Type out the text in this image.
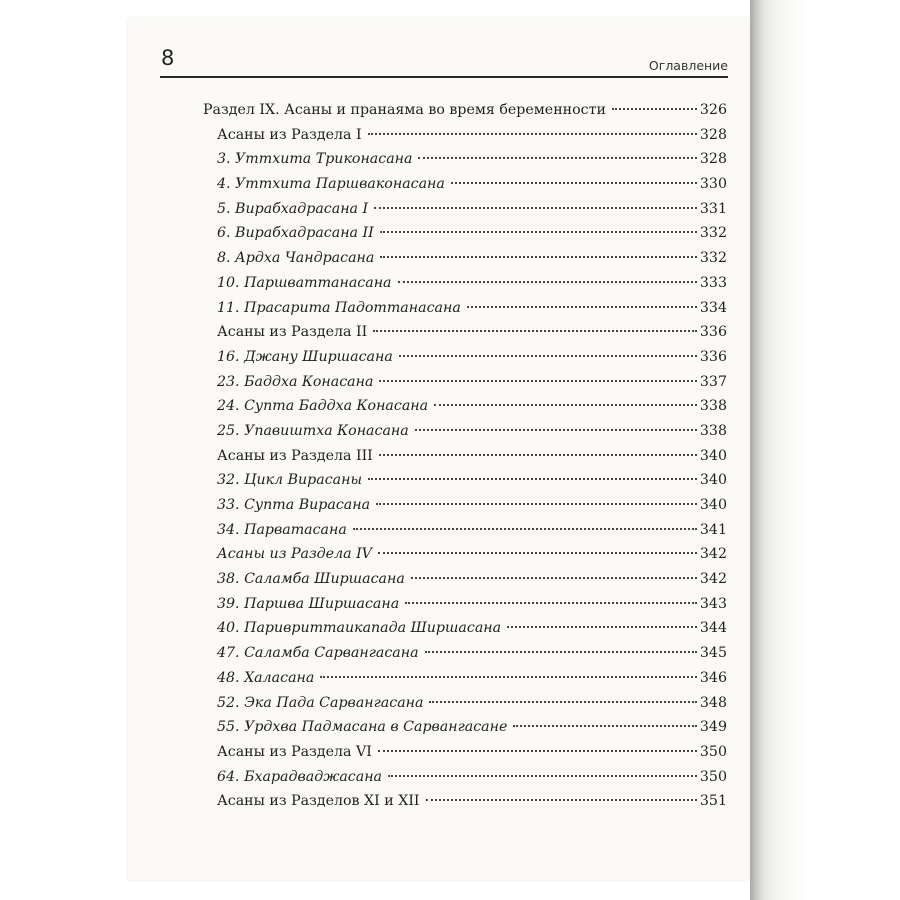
8	Оглавление
Раздел IX. Асаны и пранаяма во время беременности	326
Асаны из Раздела I	328
3. Уттхита Триконасана	328
4. Уттхита Паршваконасана	330
5. Вирабхадрасана I	331
6. Вирабхадрасана II	332
8. Ардха Чандрасана	332
10. Паршваттанасана	333
11. Прасарита Падоттанасана	334
Асаны из Раздела II	336
16. Джану Ширшасана	336
23. Баддха Конасана	337
24. Супта Баддха Конасана	338
25. Упавиштха Конасана	338
Асаны из Раздела III	340
32. Цикл Вирасаны	340
33. Супта Вирасана	340
34. Парватасана	341
Асаны из Раздела IV	342
38. Саламба Ширшасана	342
39. Паршва Ширшасана	343
40. Паривриттаикапада Ширшасана	344
47. Саламба Сарвангасана	345
48. Халасана	346
52. Эка Пада Сарвангасана	348
55. Урдхва Падмасана в Сарвангасане	349
Асаны из Раздела VI	350
64. Бхарадваджасана	350
Асаны из Разделов XI и XII	351
